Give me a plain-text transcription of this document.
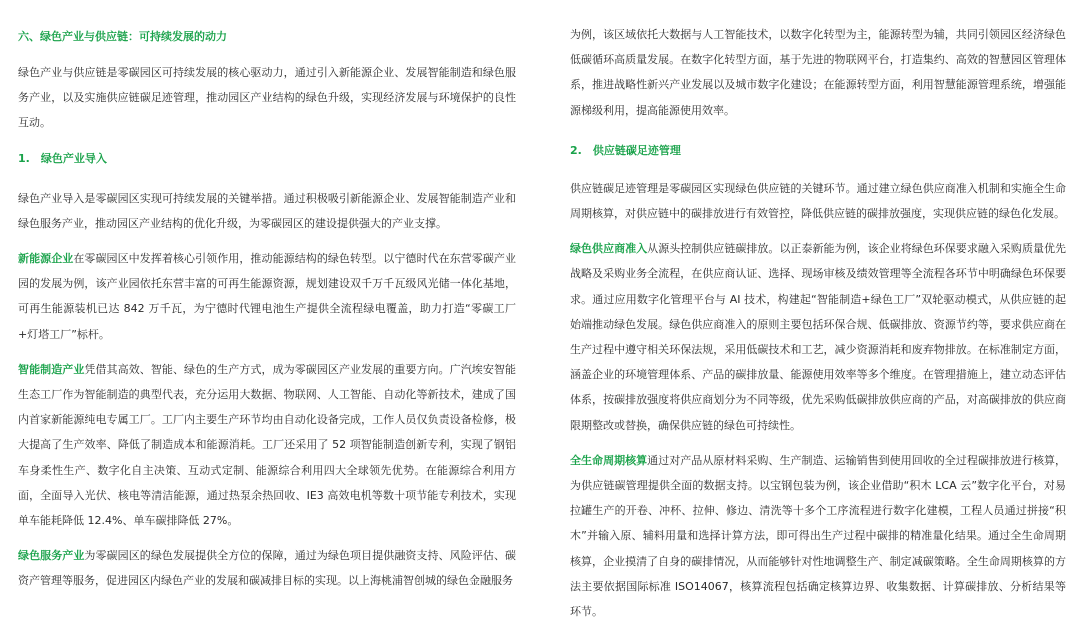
六、绿色产业与供应链：可持续发展的动力

绿色产业与供应链是零碳园区可持续发展的核心驱动力，通过引入新能源企业、发展智能制造和绿色服务产业，以及实施供应链碳足迹管理，推动园区产业结构的绿色升级，实现经济发展与环境保护的良性互动。

1.　绿色产业导入

绿色产业导入是零碳园区实现可持续发展的关键举措。通过积极吸引新能源企业、发展智能制造产业和绿色服务产业，推动园区产业结构的优化升级，为零碳园区的建设提供强大的产业支撑。

新能源企业在零碳园区中发挥着核心引领作用，推动能源结构的绿色转型。以宁德时代在东营零碳产业园的发展为例，该产业园依托东营丰富的可再生能源资源，规划建设双千万千瓦级风光储一体化基地，可再生能源装机已达 842 万千瓦，为宁德时代锂电池生产提供全流程绿电覆盖，助力打造“零碳工厂+灯塔工厂”标杆。

智能制造产业凭借其高效、智能、绿色的生产方式，成为零碳园区产业发展的重要方向。广汽埃安智能生态工厂作为智能制造的典型代表，充分运用大数据、物联网、人工智能、自动化等新技术，建成了国内首家新能源纯电专属工厂。工厂内主要生产环节均由自动化设备完成，工作人员仅负责设备检修，极大提高了生产效率、降低了制造成本和能源消耗。工厂还采用了 52 项智能制造创新专利，实现了钢铝车身柔性生产、数字化自主决策、互动式定制、能源综合利用四大全球领先优势。在能源综合利用方面，全面导入光伏、核电等清洁能源，通过热泵余热回收、IE3 高效电机等数十项节能专利技术，实现单车能耗降低 12.4%、单车碳排降低 27%。

绿色服务产业为零碳园区的绿色发展提供全方位的保障，通过为绿色项目提供融资支持、风险评估、碳资产管理等服务，促进园区内绿色产业的发展和碳减排目标的实现。以上海桃浦智创城的绿色金融服务

为例，该区域依托大数据与人工智能技术，以数字化转型为主，能源转型为辅，共同引领园区经济绿色低碳循环高质量发展。在数字化转型方面，基于先进的物联网平台，打造集约、高效的智慧园区管理体系，推进战略性新兴产业发展以及城市数字化建设；在能源转型方面，利用智慧能源管理系统，增强能源梯级利用，提高能源使用效率。

2.　供应链碳足迹管理

供应链碳足迹管理是零碳园区实现绿色供应链的关键环节。通过建立绿色供应商准入机制和实施全生命周期核算，对供应链中的碳排放进行有效管控，降低供应链的碳排放强度，实现供应链的绿色化发展。

绿色供应商准入从源头控制供应链碳排放。以正泰新能为例，该企业将绿色环保要求融入采购质量优先战略及采购业务全流程，在供应商认证、选择、现场审核及绩效管理等全流程各环节中明确绿色环保要求。通过应用数字化管理平台与 AI 技术，构建起“智能制造+绿色工厂”双轮驱动模式，从供应链的起始端推动绿色发展。绿色供应商准入的原则主要包括环保合规、低碳排放、资源节约等，要求供应商在生产过程中遵守相关环保法规，采用低碳技术和工艺，减少资源消耗和废弃物排放。在标准制定方面，涵盖企业的环境管理体系、产品的碳排放量、能源使用效率等多个维度。在管理措施上，建立动态评估体系，按碳排放强度将供应商划分为不同等级，优先采购低碳排放供应商的产品，对高碳排放的供应商限期整改或替换，确保供应链的绿色可持续性。

全生命周期核算通过对产品从原材料采购、生产制造、运输销售到使用回收的全过程碳排放进行核算，为供应链碳管理提供全面的数据支持。以宝钢包装为例，该企业借助“积木 LCA 云”数字化平台，对易拉罐生产的开卷、冲杯、拉伸、修边、清洗等十多个工序流程进行数字化建模，工程人员通过拼接“积木”并输入原、辅料用量和选择计算方法，即可得出生产过程中碳排的精准量化结果。通过全生命周期核算，企业摸清了自身的碳排情况，从而能够针对性地调整生产、制定减碳策略。全生命周期核算的方法主要依据国际标准 ISO14067，核算流程包括确定核算边界、收集数据、计算碳排放、分析结果等环节。
